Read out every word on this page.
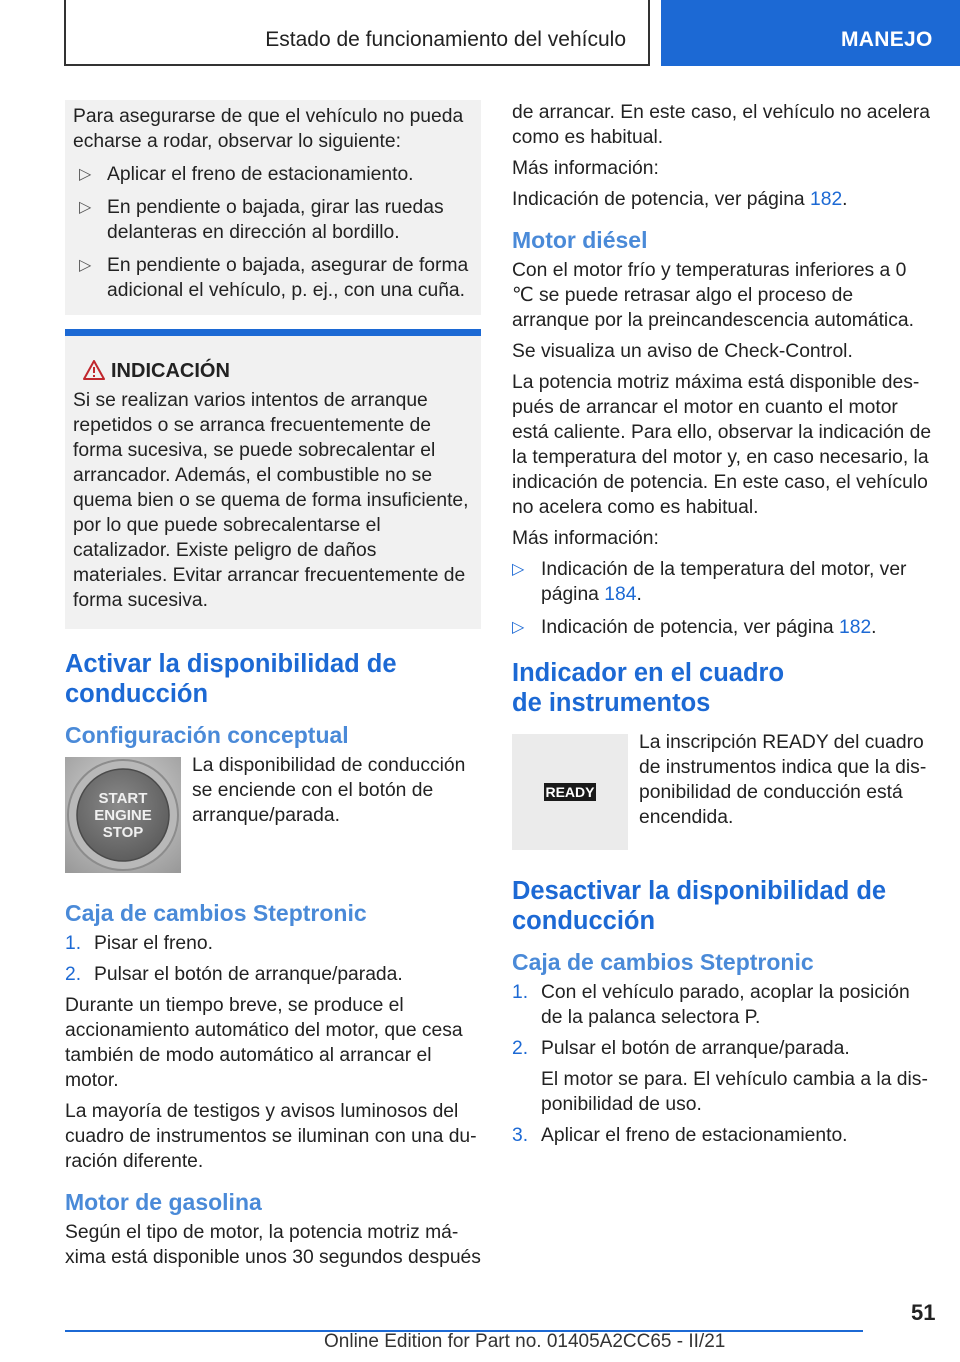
Estado de funcionamiento del vehículo	MANEJO

Para asegurarse de que el vehículo no pueda echarse a rodar, observar lo siguiente:

▷ Aplicar el freno de estacionamiento.
▷ En pendiente o bajada, girar las ruedas delanteras en dirección al bordillo.
▷ En pendiente o bajada, asegurar de forma adicional el vehículo, p. ej., con una cuña.
INDICACIÓN

Si se realizan varios intentos de arranque repetidos o se arranca frecuentemente de forma sucesiva, se puede sobrecalentar el arrancador. Además, el combustible no se quema bien o se quema de forma insuficiente, por lo que puede sobrecalentarse el catalizador. Existe peligro de daños materiales. Evitar arrancar frecuentemente de forma sucesiva.

Activar la disponibilidad de conducción
Configuración conceptual
START
ENGINE
STOP

La disponibilidad de conducción se enciende con el botón de arranque/parada.

Caja de cambios Steptronic
1. Pisar el freno.
2. Pulsar el botón de arranque/parada.

Durante un tiempo breve, se produce el accionamiento automático del motor, que cesa también de modo automático al arrancar el motor.

La mayoría de testigos y avisos luminosos del cuadro de instrumentos se iluminan con una duración diferente.

Motor de gasolina

Según el tipo de motor, la potencia motriz máxima está disponible unos 30 segundos después

de arrancar. En este caso, el vehículo no acelera como es habitual.

Más información:

Indicación de potencia, ver página 182.

Motor diésel

Con el motor frío y temperaturas inferiores a 0 ℃ se puede retrasar algo el proceso de arranque por la preincandescencia automática.

Se visualiza un aviso de Check-Control.

La potencia motriz máxima está disponible después de arrancar el motor en cuanto el motor está caliente. Para ello, observar la indicación de la temperatura del motor y, en caso necesario, la indicación de potencia. En este caso, el vehículo no acelera como es habitual.

Más información:

▷ Indicación de la temperatura del motor, ver página 184.
▷ Indicación de potencia, ver página 182.
Indicador en el cuadro de instrumentos
READY

La inscripción READY del cuadro de instrumentos indica que la disponibilidad de conducción está encendida.

Desactivar la disponibilidad de conducción
Caja de cambios Steptronic
1. Con el vehículo parado, acoplar la posición de la palanca selectora P.
2. Pulsar el botón de arranque/parada.

El motor se para. El vehículo cambia a la disponibilidad de uso.

3. Aplicar el freno de estacionamiento.
51
Online Edition for Part no. 01405A2CC65 - II/21
